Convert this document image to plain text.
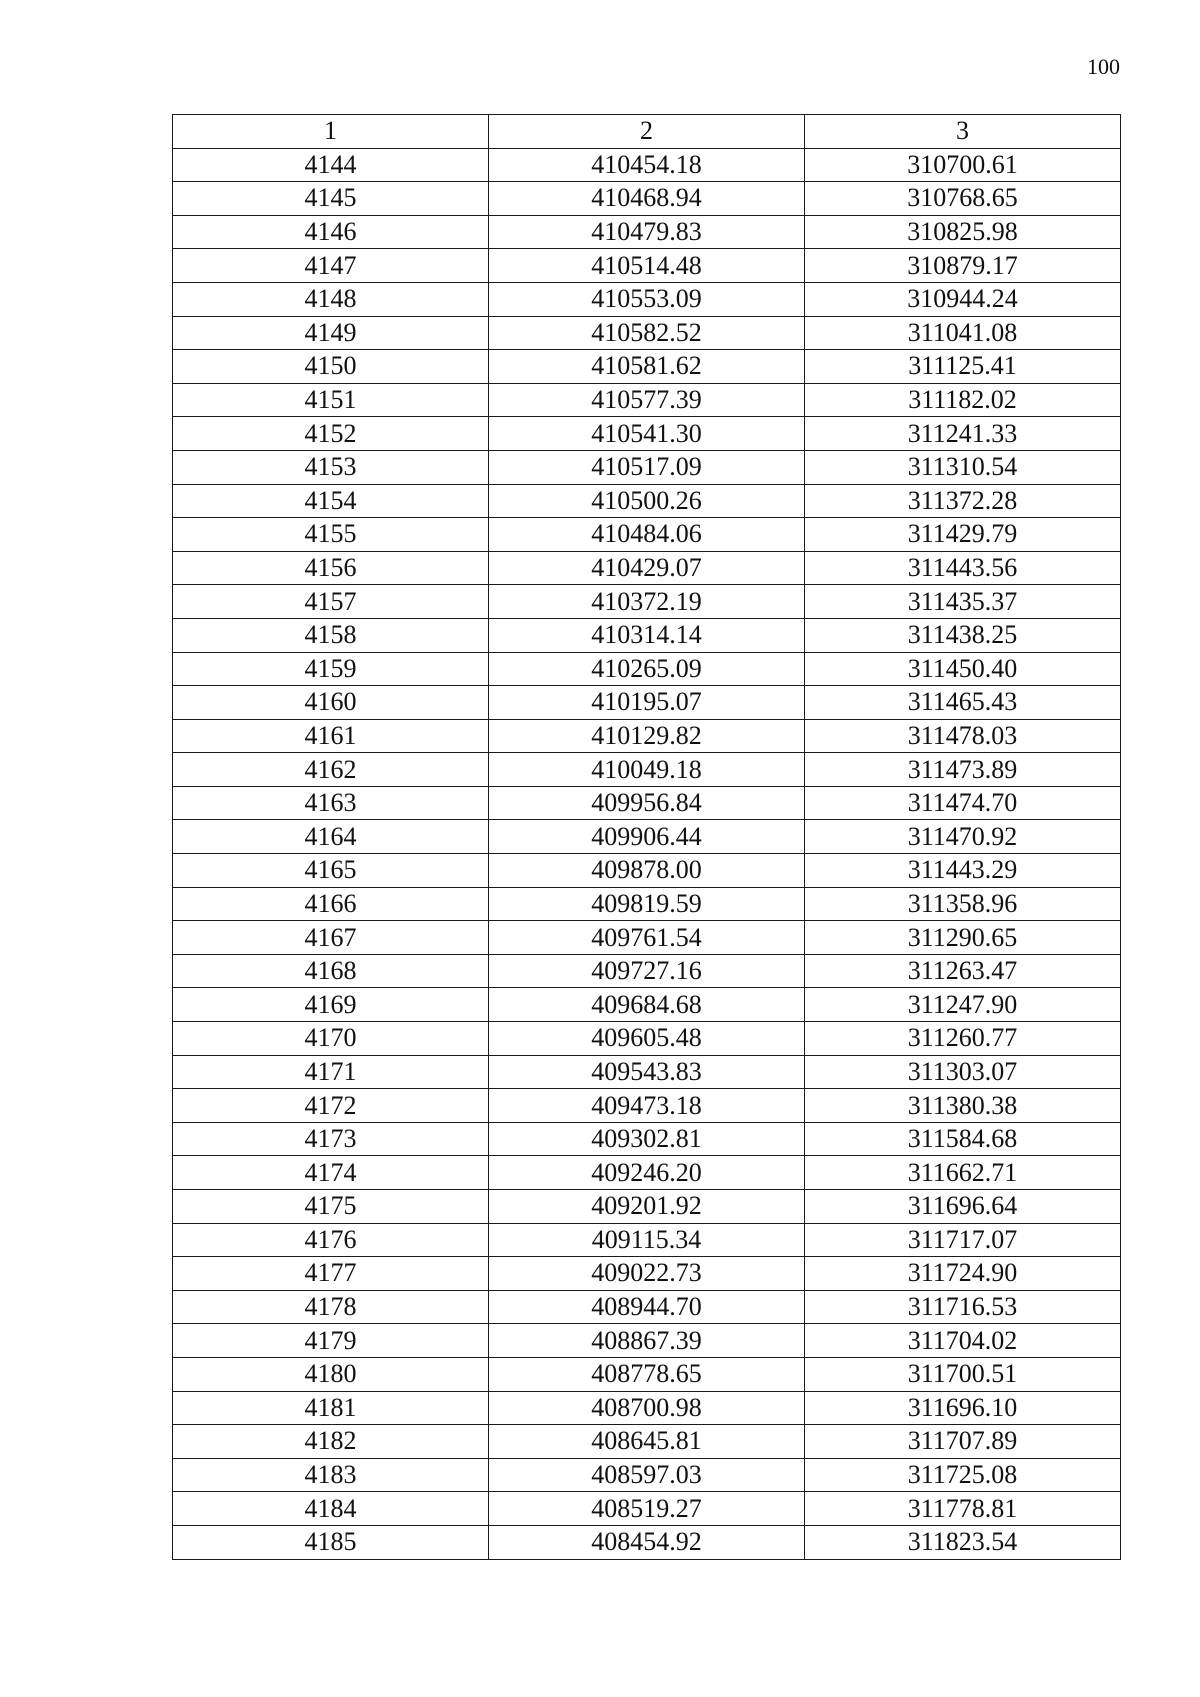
100
1	2	3
4144	410454.18	310700.61
4145	410468.94	310768.65
4146	410479.83	310825.98
4147	410514.48	310879.17
4148	410553.09	310944.24
4149	410582.52	311041.08
4150	410581.62	311125.41
4151	410577.39	311182.02
4152	410541.30	311241.33
4153	410517.09	311310.54
4154	410500.26	311372.28
4155	410484.06	311429.79
4156	410429.07	311443.56
4157	410372.19	311435.37
4158	410314.14	311438.25
4159	410265.09	311450.40
4160	410195.07	311465.43
4161	410129.82	311478.03
4162	410049.18	311473.89
4163	409956.84	311474.70
4164	409906.44	311470.92
4165	409878.00	311443.29
4166	409819.59	311358.96
4167	409761.54	311290.65
4168	409727.16	311263.47
4169	409684.68	311247.90
4170	409605.48	311260.77
4171	409543.83	311303.07
4172	409473.18	311380.38
4173	409302.81	311584.68
4174	409246.20	311662.71
4175	409201.92	311696.64
4176	409115.34	311717.07
4177	409022.73	311724.90
4178	408944.70	311716.53
4179	408867.39	311704.02
4180	408778.65	311700.51
4181	408700.98	311696.10
4182	408645.81	311707.89
4183	408597.03	311725.08
4184	408519.27	311778.81
4185	408454.92	311823.54
